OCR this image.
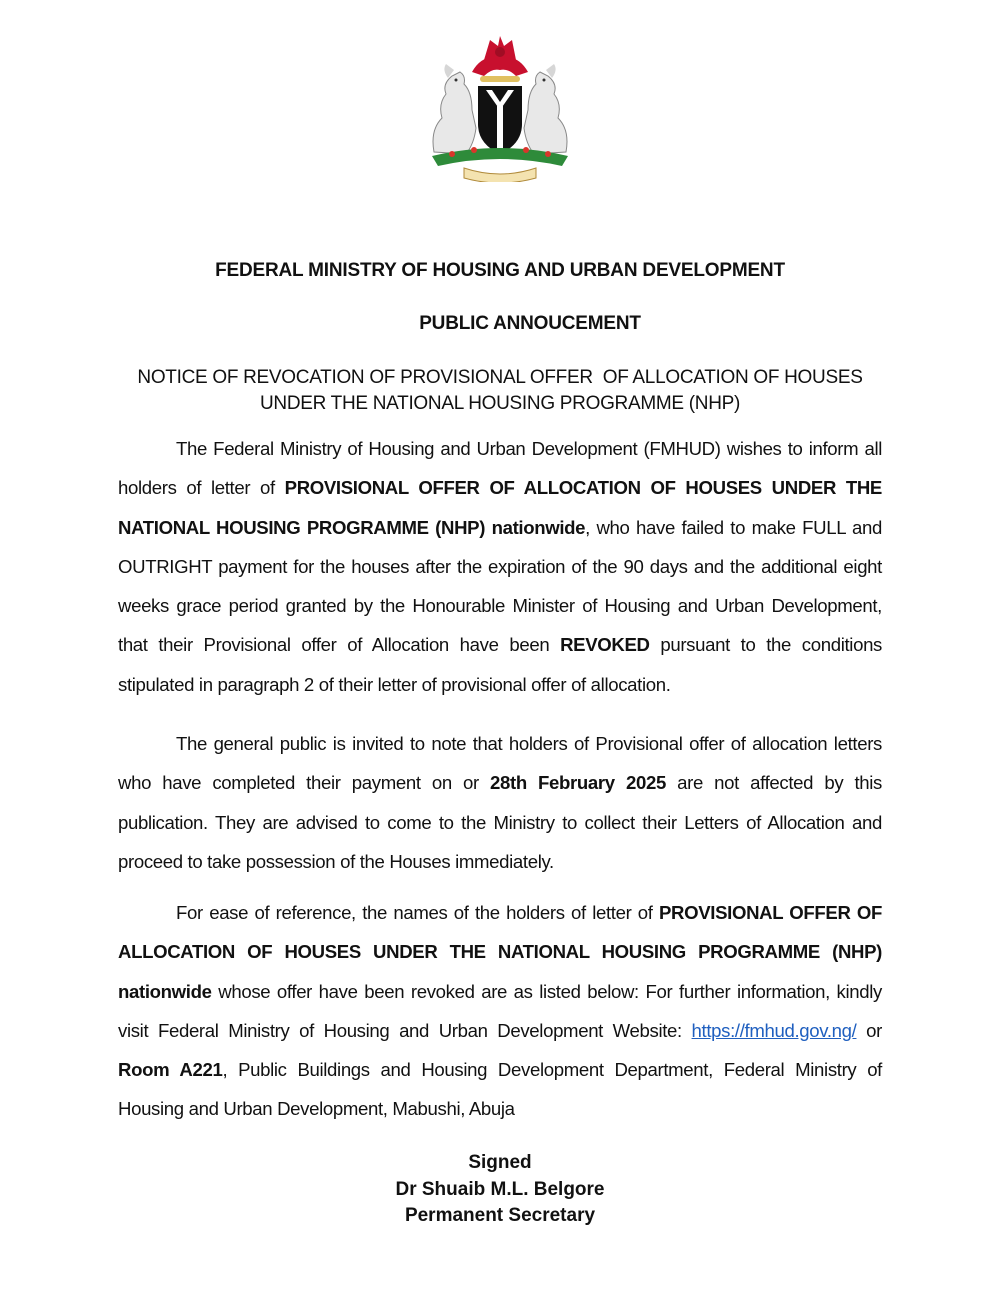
FEDERAL MINISTRY OF HOUSING AND URBAN DEVELOPMENT
PUBLIC ANNOUCEMENT
NOTICE OF REVOCATION OF PROVISIONAL OFFER  OF ALLOCATION OF HOUSES
UNDER THE NATIONAL HOUSING PROGRAMME (NHP)
The Federal Ministry of Housing and Urban Development (FMHUD) wishes to inform all holders of letter of PROVISIONAL OFFER OF ALLOCATION OF HOUSES UNDER THE NATIONAL HOUSING PROGRAMME (NHP) nationwide, who have failed to make FULL and OUTRIGHT payment for the houses after the expiration of the 90 days and the additional eight weeks grace period granted by the Honourable Minister of Housing and Urban Development, that their Provisional offer of Allocation have been REVOKED pursuant to the conditions stipulated in paragraph 2 of their letter of provisional offer of allocation.
The general public is invited to note that holders of Provisional offer of allocation letters who have completed their payment on or 28th February 2025 are not affected by this publication. They are advised to come to the Ministry to collect their Letters of Allocation and proceed to take possession of the Houses immediately.
For ease of reference, the names of the holders of letter of PROVISIONAL OFFER OF ALLOCATION OF HOUSES UNDER THE NATIONAL HOUSING PROGRAMME (NHP) nationwide whose offer have been revoked are as listed below: For further information, kindly visit Federal Ministry of Housing and Urban Development Website: https://fmhud.gov.ng/ or Room A221, Public Buildings and Housing Development Department, Federal Ministry of Housing and Urban Development, Mabushi, Abuja
Signed
Dr Shuaib M.L. Belgore
Permanent Secretary
